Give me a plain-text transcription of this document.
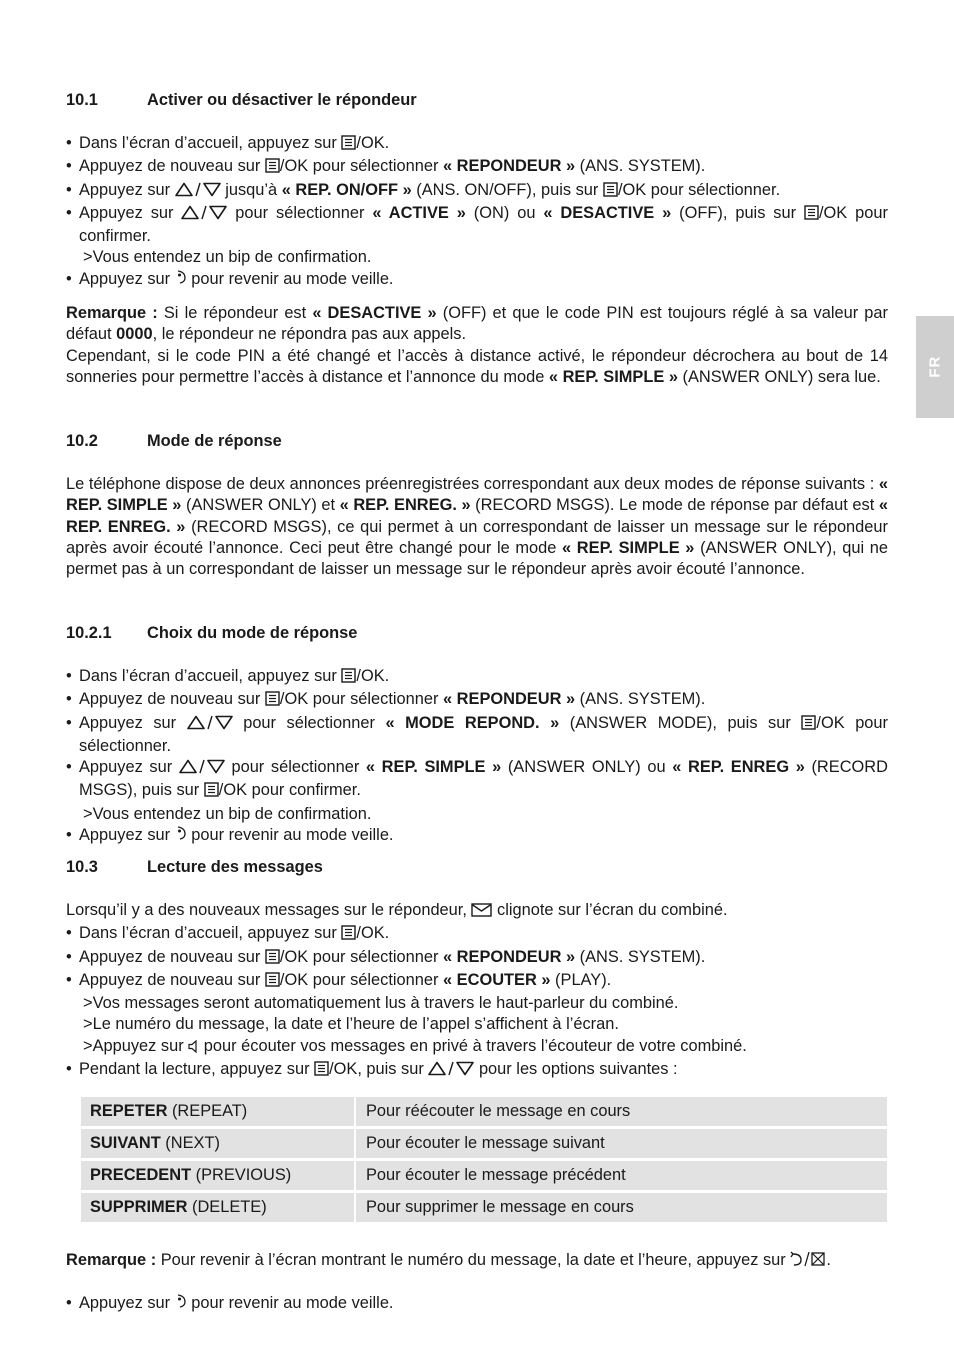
FR
10.1	Activer ou désactiver le répondeur
• Dans l’écran d’accueil, appuyez sur /OK.
• Appuyez de nouveau sur /OK pour sélectionner « REPONDEUR » (ANS. SYSTEM).
• Appuyez sur	jusqu’à « REP. ON/OFF » (ANS. ON/OFF), puis sur /OK pour sélectionner.
• Appuyez sur	pour sélectionner « ACTIVE » (ON) ou « DESACTIVE » (OFF), puis sur /OK pour confirmer.
>Vous entendez un bip de confirmation.
• Appuyez sur  pour revenir au mode veille.
Remarque : Si le répondeur est « DESACTIVE » (OFF) et que le code PIN est toujours réglé à sa valeur par défaut 0000, le répondeur ne répondra pas aux appels.
Cependant, si le code PIN a été changé et l’accès à distance activé, le répondeur décrochera au bout de 14 sonneries pour permettre l’accès à distance et l’annonce du mode « REP. SIMPLE » (ANSWER ONLY) sera lue.
10.2	Mode de réponse
Le téléphone dispose de deux annonces préenregistrées correspondant aux deux modes de réponse suivants : « REP. SIMPLE » (ANSWER ONLY) et « REP. ENREG. » (RECORD MSGS). Le mode de réponse par défaut est « REP. ENREG. » (RECORD MSGS), ce qui permet à un correspondant de laisser un message sur le répondeur après avoir écouté l’annonce. Ceci peut être changé pour le mode « REP. SIMPLE » (ANSWER ONLY), qui ne permet pas à un correspondant de laisser un message sur le répondeur après avoir écouté l’annonce.
10.2.1 Choix du mode de réponse
• Dans l’écran d’accueil, appuyez sur /OK.
• Appuyez de nouveau sur /OK pour sélectionner « REPONDEUR » (ANS. SYSTEM).
• Appuyez sur	pour sélectionner « MODE REPOND. » (ANSWER MODE), puis sur /OK pour sélectionner.
• Appuyez sur	pour sélectionner « REP. SIMPLE » (ANSWER ONLY) ou « REP. ENREG » (RECORD MSGS), puis sur /OK pour confirmer.
>Vous entendez un bip de confirmation.
• Appuyez sur  pour revenir au mode veille.
10.3	Lecture des messages
Lorsqu’il y a des nouveaux messages sur le répondeur,  clignote sur l’écran du combiné.
• Dans l’écran d’accueil, appuyez sur /OK.
• Appuyez de nouveau sur /OK pour sélectionner « REPONDEUR » (ANS. SYSTEM).
• Appuyez de nouveau sur /OK pour sélectionner « ECOUTER » (PLAY).
>Vos messages seront automatiquement lus à travers le haut-parleur du combiné.
>Le numéro du message, la date et l’heure de l’appel s’affichent à l’écran.
>Appuyez sur  pour écouter vos messages en privé à travers l’écouteur de votre combiné.
• Pendant la lecture, appuyez sur /OK, puis sur	pour les options suivantes :
REPETER (REPEAT)	Pour réécouter le message en cours
SUIVANT (NEXT)	Pour écouter le message suivant
PRECEDENT (PREVIOUS)	Pour écouter le message précédent
SUPPRIMER (DELETE)	Pour supprimer le message en cours
Remarque : Pour revenir à l’écran montrant le numéro du message, la date et l’heure, appuyez sur .
• Appuyez sur  pour revenir au mode veille.
